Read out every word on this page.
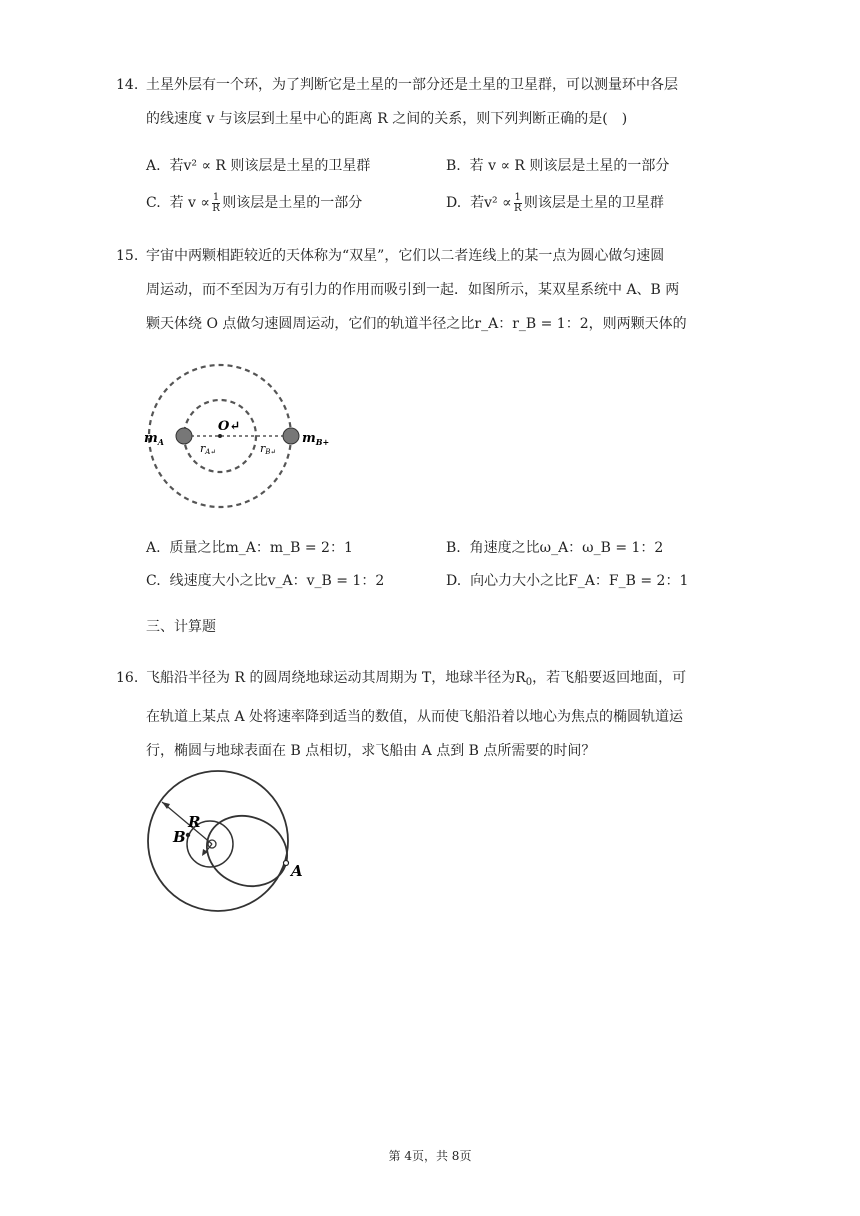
14. 土星外层有一个环，为了判断它是土星的一部分还是土星的卫星群，可以测量环中各层
的线速度 v 与该层到土星中心的距离 R 之间的关系，则下列判断正确的是(　)
A. 若v² ∝ R 则该层是土星的卫星群	B. 若 v ∝ R 则该层是土星的一部分
C. 若 $v \propto \frac{1}{R}$ 则该层是土星的一部分	D. 若$v^2 \propto \frac{1}{R}$ 则该层是土星的卫星群
15. 宇宙中两颗相距较近的天体称为“双星”，它们以二者连线上的某一点为圆心做匀速圆
周运动，而不至因为万有引力的作用而吸引到一起．如图所示，某双星系统中 A、B 两
颗天体绕 O 点做匀速圆周运动，它们的轨道半径之比r_A：r_B = 1：2，则两颗天体的
$m_A$	$m_{B+}$
O↵
rA↵	rB↵
A. 质量之比m_A：m_B = 2：1	B. 角速度之比ω_A：ω_B = 1：2
C. 线速度大小之比v_A：v_B = 1：2	D. 向心力大小之比F_A：F_B = 2：1
三、计算题
16. 飞船沿半径为 R 的圆周绕地球运动其周期为 T，地球半径为$R_0$，若飞船要返回地面，可
在轨道上某点 A 处将速率降到适当的数值，从而使飞船沿着以地心为焦点的椭圆轨道运
行，椭圆与地球表面在 B 点相切，求飞船由 A 点到 B 点所需要的时间？
R
B
A
第 4页，共 8页
